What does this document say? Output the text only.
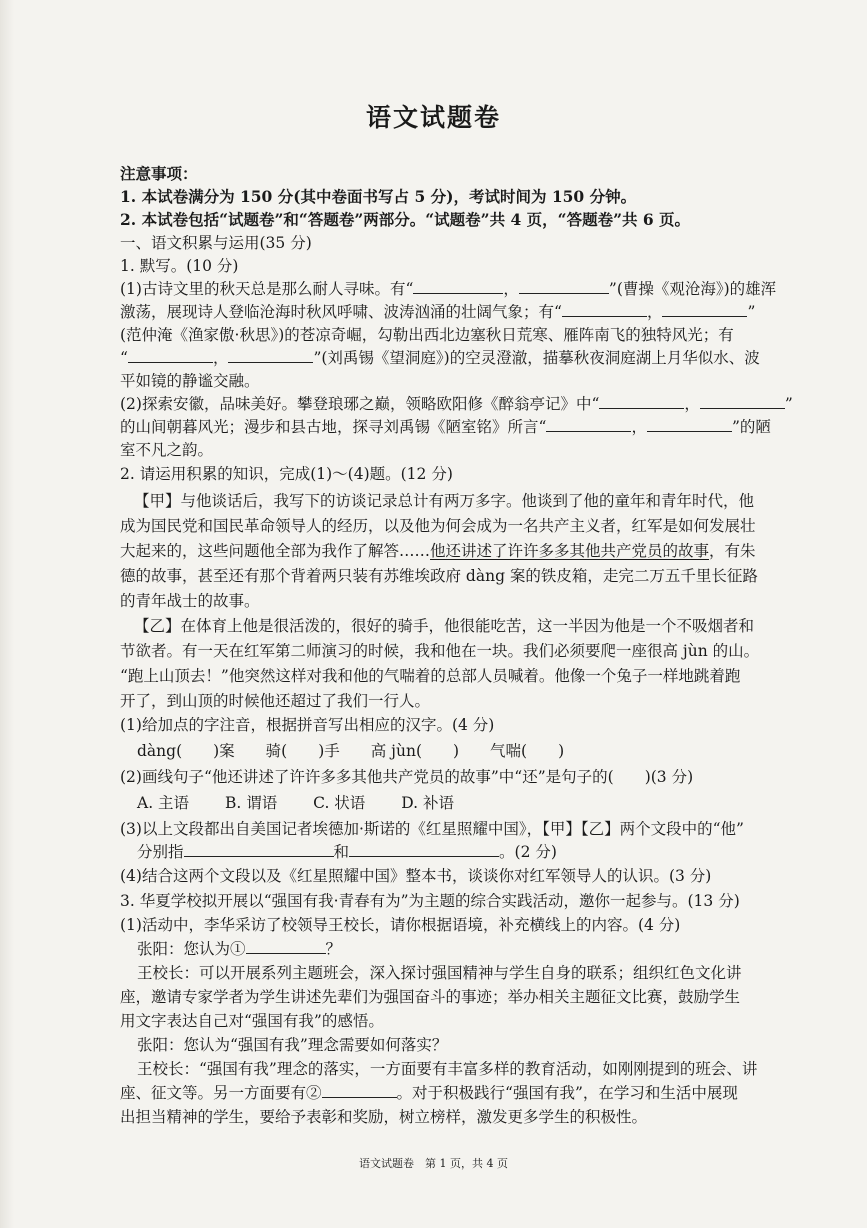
语文试题卷
注意事项：
1. 本试卷满分为 150 分(其中卷面书写占 5 分)，考试时间为 150 分钟。
2. 本试卷包括“试题卷”和“答题卷”两部分。“试题卷”共 4 页，“答题卷”共 6 页。
一、语文积累与运用(35 分)
1. 默写。(10 分)
(1)古诗文里的秋天总是那么耐人寻味。有“	，	”(曹操《观沧海》)的雄浑
激荡，展现诗人登临沧海时秋风呼啸、波涛汹涌的壮阔气象；有“	，	”
(范仲淹《渔家傲·秋思》)的苍凉奇崛，勾勒出西北边塞秋日荒寒、雁阵南飞的独特风光；有
“	，	”(刘禹锡《望洞庭》)的空灵澄澈，描摹秋夜洞庭湖上月华似水、波
平如镜的静谧交融。
(2)探索安徽，品味美好。攀登琅琊之巅，领略欧阳修《醉翁亭记》中“	，	”
的山间朝暮风光；漫步和县古地，探寻刘禹锡《陋室铭》所言“	，	”的陋
室不凡之韵。
2. 请运用积累的知识，完成(1)～(4)题。(12 分)
【甲】与他谈话后，我写下的访谈记录总计有两万多字。他谈到了他的童年和青年时代，他
成为国民党和国民革命领导人的经历，以及他为何会成为一名共产主义者，红军是如何发展壮
大起来的，这些问题他全部为我作了解答……他还讲述了许许多多其他共产党员的故事，有朱
德的故事，甚至还有那个背着两只装有苏维埃政府 dàng 案的铁皮箱，走完二万五千里长征路
的青年战士的故事。
【乙】在体育上他是很活泼的，很好的骑手，他很能吃苦，这一半因为他是一个不吸烟者和
节欲者。有一天在红军第二师演习的时候，我和他在一块。我们必须要爬一座很高 jùn 的山。
“跑上山顶去！”他突然这样对我和他的气喘着的总部人员喊着。他像一个兔子一样地跳着跑
开了，到山顶的时候他还超过了我们一行人。
(1)给加点的字注音，根据拼音写出相应的汉字。(4 分)
dàng(　　)案　　骑(　　)手　　高 jùn(　　)　　气喘(　　)
(2)画线句子“他还讲述了许许多多其他共产党员的故事”中“还”是句子的(　　)(3 分)
A. 主语　　 B. 谓语　　 C. 状语　　 D. 补语
(3)以上文段都出自美国记者埃德加·斯诺的《红星照耀中国》，【甲】【乙】两个文段中的“他”
分别指	和	。(2 分)
(4)结合这两个文段以及《红星照耀中国》整本书，谈谈你对红军领导人的认识。(3 分)
3. 华夏学校拟开展以“强国有我·青春有为”为主题的综合实践活动，邀你一起参与。(13 分)
(1)活动中，李华采访了校领导王校长，请你根据语境，补充横线上的内容。(4 分)
张阳：您认为①	？
王校长：可以开展系列主题班会，深入探讨强国精神与学生自身的联系；组织红色文化讲
座，邀请专家学者为学生讲述先辈们为强国奋斗的事迹；举办相关主题征文比赛，鼓励学生
用文字表达自己对“强国有我”的感悟。
张阳：您认为“强国有我”理念需要如何落实？
王校长：“强国有我”理念的落实，一方面要有丰富多样的教育活动，如刚刚提到的班会、讲
座、征文等。另一方面要有②	。对于积极践行“强国有我”，在学习和生活中展现
出担当精神的学生，要给予表彰和奖励，树立榜样，激发更多学生的积极性。
语文试题卷　第 1 页，共 4 页
